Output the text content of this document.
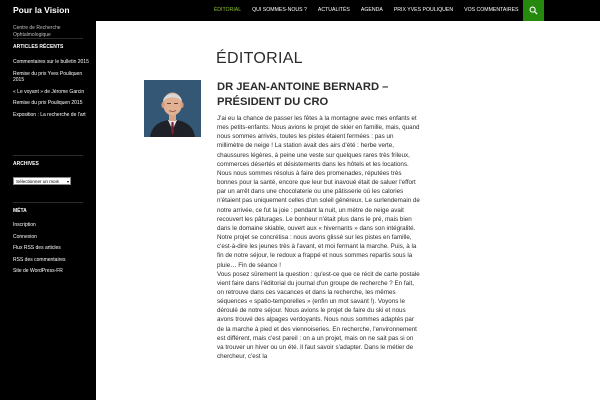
Pour la Vision	ÉDITORIAL	QUI SOMMES-NOUS ?	ACTUALITÉS	AGENDA	PRIX YVES POULIQUEN	VOS COMMENTAIRES
Centre de Recherche Ophtalmologique
ARTICLES RÉCENTS
Commentaires sur le bulletin 2015
Remise du prix Yves Pouliquen 2015
« Le voyant » de Jérome Garcin
Remise du prix Pouliquen 2015
Exposition : La recherche de l'art
ARCHIVES
Sélectionner un mois ▾
MÉTA
Inscription
Connexion
Flux RSS des articles
RSS des commentaires
Site de WordPress-FR
ÉDITORIAL
DR JEAN-ANTOINE BERNARD – PRÉSIDENT DU CRO

J'ai eu la chance de passer les fêtes à la montagne avec mes enfants et mes petits-enfants. Nous avions le projet de skier en famille, mais, quand nous sommes arrivés, toutes les pistes étaient fermées : pas un millimètre de neige ! La station avait des airs d'été : herbe verte, chaussures légères, à peine une veste sur quelques rares très frileux, commerces désertés et désistements dans les hôtels et les locations. Nous nous sommes résolus à faire des promenades, réputées très bonnes pour la santé, encore que leur but inavoué était de saluer l'effort par un arrêt dans une chocolaterie ou une pâtisserie où les calories n'étaient pas uniquement celles d'un soleil généreux. Le surlendemain de notre arrivée, ce fut la joie : pendant la nuit, un mètre de neige avait recouvert les pâturages. Le bonheur n'était plus dans le pré, mais bien dans le domaine skiable, ouvert aux « hivernants » dans son intégralité. Notre projet se concrétisa : nous avons glissé sur les pistes en famille, c'est-à-dire les jeunes très à l'avant, et moi fermant la marche. Puis, à la fin de notre séjour, le redoux a frappé et nous sommes repartis sous la pluie… Fin de séance !

Vous posez sûrement la question : qu'est-ce que ce récit de carte postale vient faire dans l'éditorial du journal d'un groupe de recherche ? En fait, on retrouve dans ces vacances et dans la recherche, les mêmes séquences « spatio-temporelles » (enfin un mot savant !). Voyons le déroulé de notre séjour. Nous avions le projet de faire du ski et nous avons trouvé des alpages verdoyants. Nous nous sommes adaptés par de la marche à pied et des viennoiseries. En recherche, l'environnement est différent, mais c'est pareil : on a un projet, mais on ne sait pas si on va trouver un hiver ou un été. Il faut savoir s'adapter. Dans le métier de chercheur, c'est la
